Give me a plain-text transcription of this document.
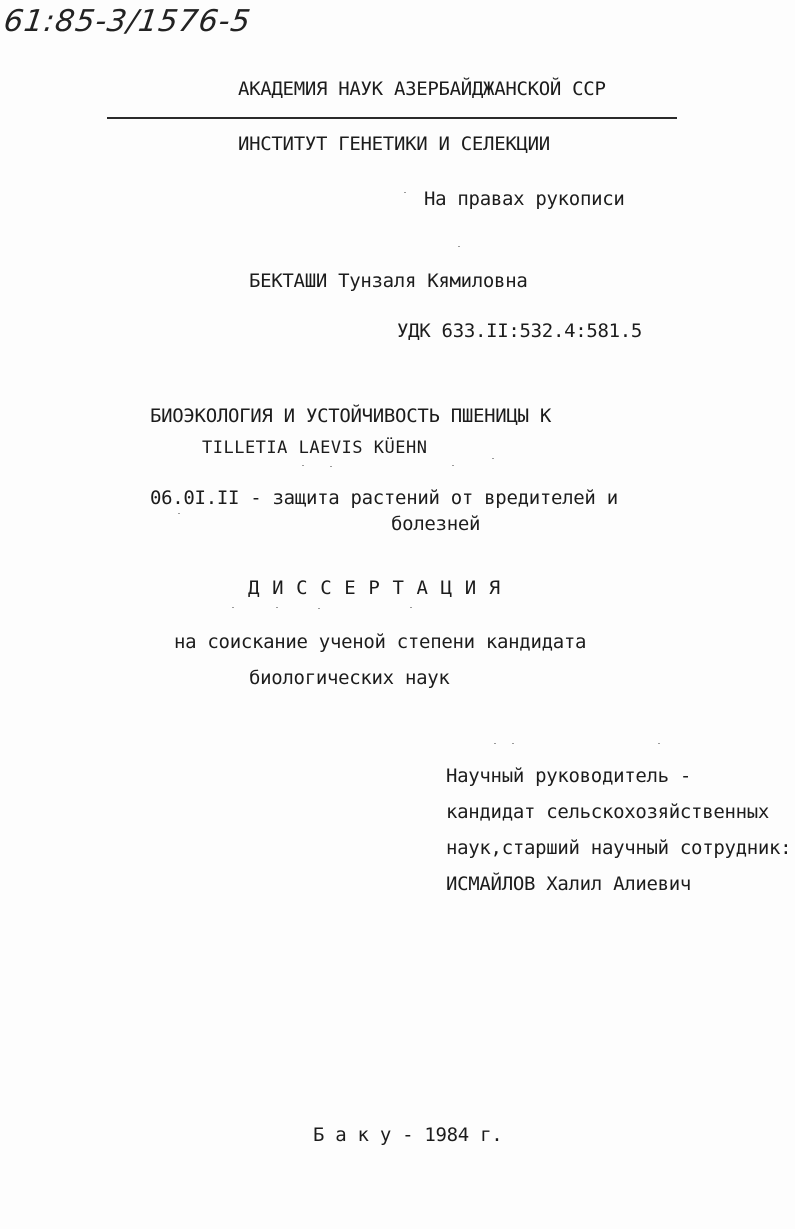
61:85-3/1576-5
АКАДЕМИЯ НАУК АЗЕРБАЙДЖАНСКОЙ ССР
ИНСТИТУТ ГЕНЕТИКИ И СЕЛЕКЦИИ
На правах рукописи
БЕКТАШИ Тунзаля Кямиловна
УДК 633.II:532.4:581.5
БИОЭКОЛОГИЯ И УСТОЙЧИВОСТЬ ПШЕНИЦЫ К
TILLETIA LAEVIS KÜEHN
06.0I.II - защита растений от вредителей и
болезней
Д И С С Е Р Т А Ц И Я
на соискание ученой степени кандидата
биологических наук
Научный руководитель -
кандидат сельскохозяйственных
наук,старший научный сотрудник:
ИСМАЙЛОВ Халил Алиевич
Б а к у - 1984 г.
